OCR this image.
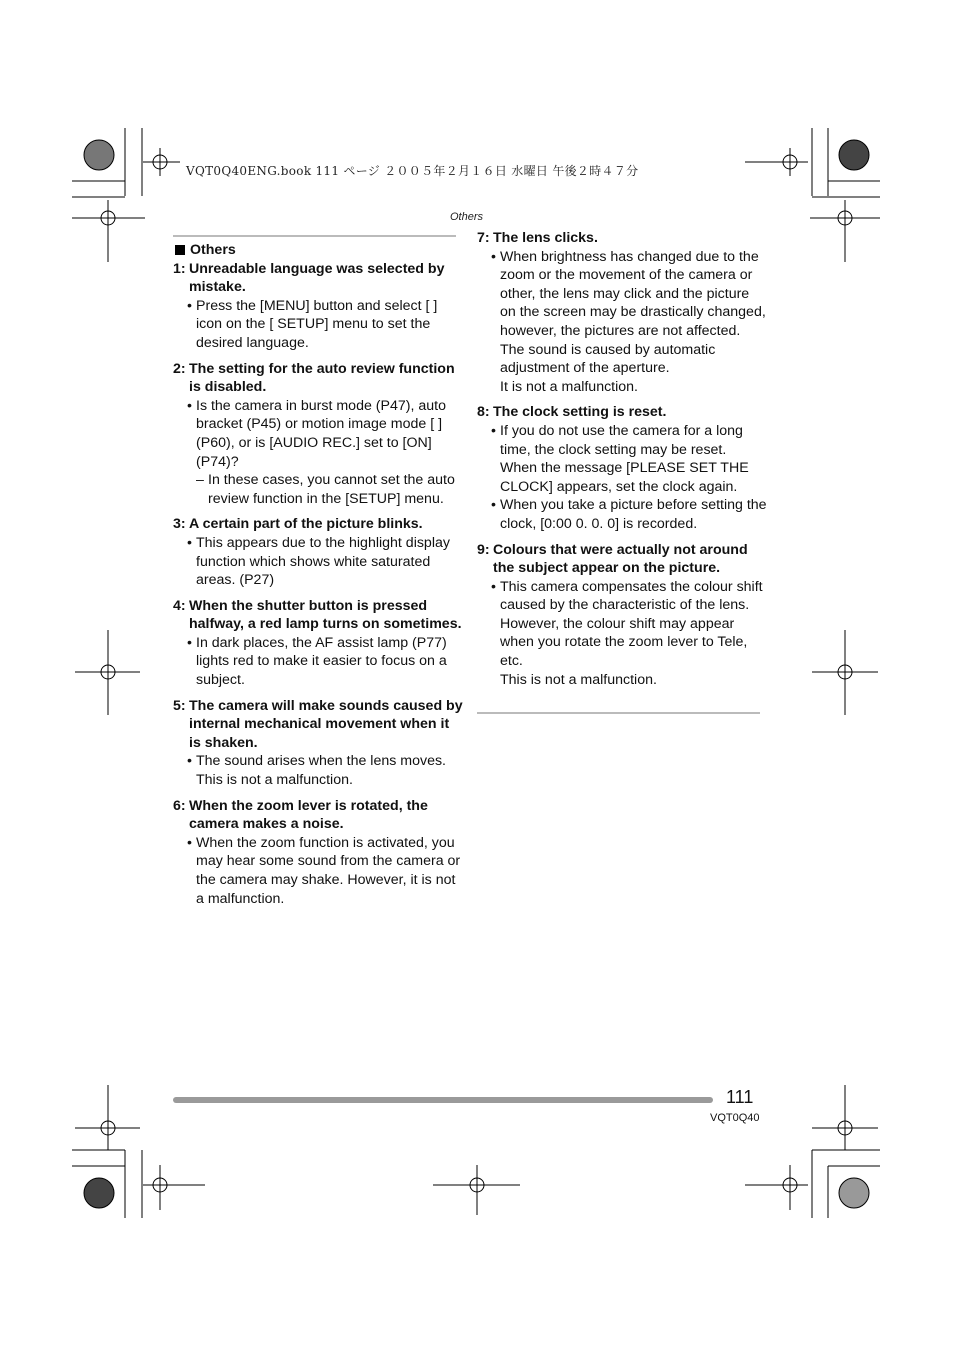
VQT0Q40ENG.book 111 ページ ２００５年２月１６日 水曜日 午後２時４７分
Others
Others
1: Unreadable language was selected by mistake.
• Press the [MENU] button and select [ ] icon on the [ SETUP] menu to set the desired language.
2: The setting for the auto review function is disabled.
• Is the camera in burst mode (P47), auto bracket (P45) or motion image mode [ ] (P60), or is [AUDIO REC.] set to [ON] (P74)?
– In these cases, you cannot set the auto review function in the [SETUP] menu.
3: A certain part of the picture blinks.
• This appears due to the highlight display function which shows white saturated areas. (P27)
4: When the shutter button is pressed halfway, a red lamp turns on sometimes.
• In dark places, the AF assist lamp (P77) lights red to make it easier to focus on a subject.
5: The camera will make sounds caused by internal mechanical movement when it is shaken.
• The sound arises when the lens moves. This is not a malfunction.
6: When the zoom lever is rotated, the camera makes a noise.
• When the zoom function is activated, you may hear some sound from the camera or the camera may shake. However, it is not a malfunction.
7: The lens clicks.
• When brightness has changed due to the zoom or the movement of the camera or other, the lens may click and the picture on the screen may be drastically changed, however, the pictures are not affected.
The sound is caused by automatic adjustment of the aperture.
It is not a malfunction.
8: The clock setting is reset.
• If you do not use the camera for a long time, the clock setting may be reset. When the message [PLEASE SET THE CLOCK] appears, set the clock again.
• When you take a picture before setting the clock, [0:00 0. 0. 0] is recorded.
9: Colours that were actually not around the subject appear on the picture.
• This camera compensates the colour shift caused by the characteristic of the lens. However, the colour shift may appear when you rotate the zoom lever to Tele, etc.
This is not a malfunction.
111
VQT0Q40
